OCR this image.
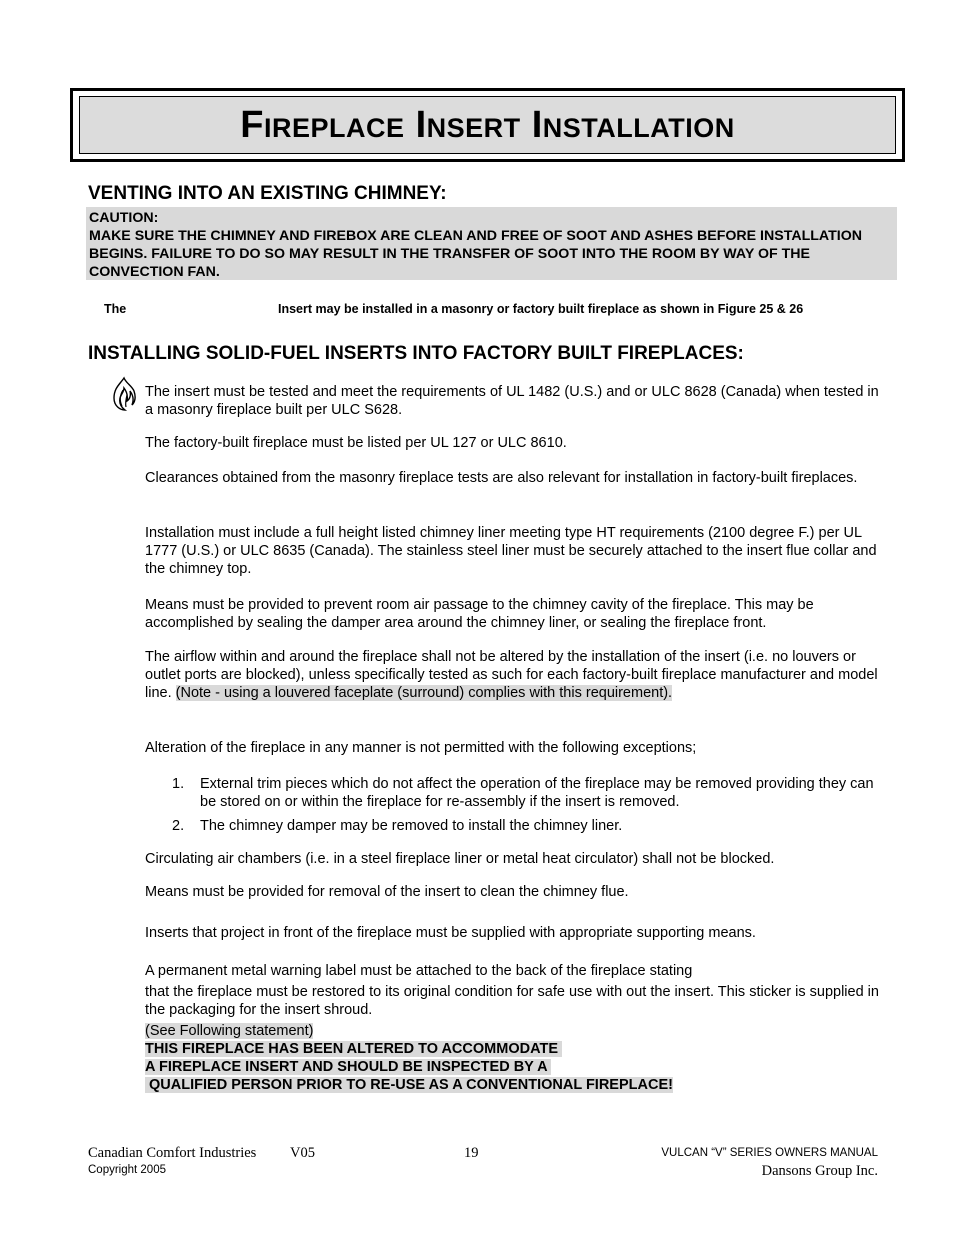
Fireplace Insert Installation
VENTING INTO AN EXISTING CHIMNEY:
CAUTION:
MAKE SURE THE CHIMNEY AND FIREBOX ARE CLEAN AND FREE OF SOOT AND ASHES BEFORE INSTALLATION BEGINS. FAILURE TO DO SO MAY RESULT IN THE TRANSFER OF SOOT INTO THE ROOM BY WAY OF THE CONVECTION FAN.
The	Insert may be installed in a masonry or factory built fireplace as shown in Figure 25 & 26
INSTALLING SOLID-FUEL INSERTS INTO FACTORY BUILT FIREPLACES:
The insert must be tested and meet the requirements of UL 1482 (U.S.) and or ULC 8628 (Canada) when tested in a masonry fireplace built per ULC S628.
The factory-built fireplace must be listed per UL 127 or ULC 8610.
Clearances obtained from the masonry fireplace tests are also relevant for installation in factory-built fireplaces.
Installation must include a full height listed chimney liner meeting type HT requirements (2100 degree F.) per UL 1777 (U.S.) or ULC 8635 (Canada). The stainless steel liner must be securely attached to the insert flue collar and the chimney top.
Means must be provided to prevent room air passage to the chimney cavity of the fireplace. This may be accomplished by sealing the damper area around the chimney liner, or sealing the fireplace front.
The airflow within and around the fireplace shall not be altered by the installation of the insert (i.e. no louvers or outlet ports are blocked), unless specifically tested as such for each factory-built fireplace manufacturer and model line. (Note - using a louvered faceplate (surround) complies with this requirement).
Alteration of the fireplace in any manner is not permitted with the following exceptions;
1. External trim pieces which do not affect the operation of the fireplace may be removed providing they can be stored on or within the fireplace for re-assembly if the insert is removed.
2. The chimney damper may be removed to install the chimney liner.
Circulating air chambers (i.e. in a steel fireplace liner or metal heat circulator) shall not be blocked.
Means must be provided for removal of the insert to clean the chimney flue.
Inserts that project in front of the fireplace must be supplied with appropriate supporting means.
A permanent metal warning label must be attached to the back of the fireplace stating
that the fireplace must be restored to its original condition for safe use with out the insert. This sticker is supplied in the packaging for the insert shroud.
(See Following statement)
THIS FIREPLACE HAS BEEN ALTERED TO ACCOMMODATE
A FIREPLACE INSERT AND SHOULD BE INSPECTED BY A
QUALIFIED PERSON PRIOR TO RE-USE AS A CONVENTIONAL FIREPLACE!
Canadian Comfort Industries V05
Copyright 2005
19	VULCAN “V” SERIES OWNERS MANUAL
Dansons Group Inc.
